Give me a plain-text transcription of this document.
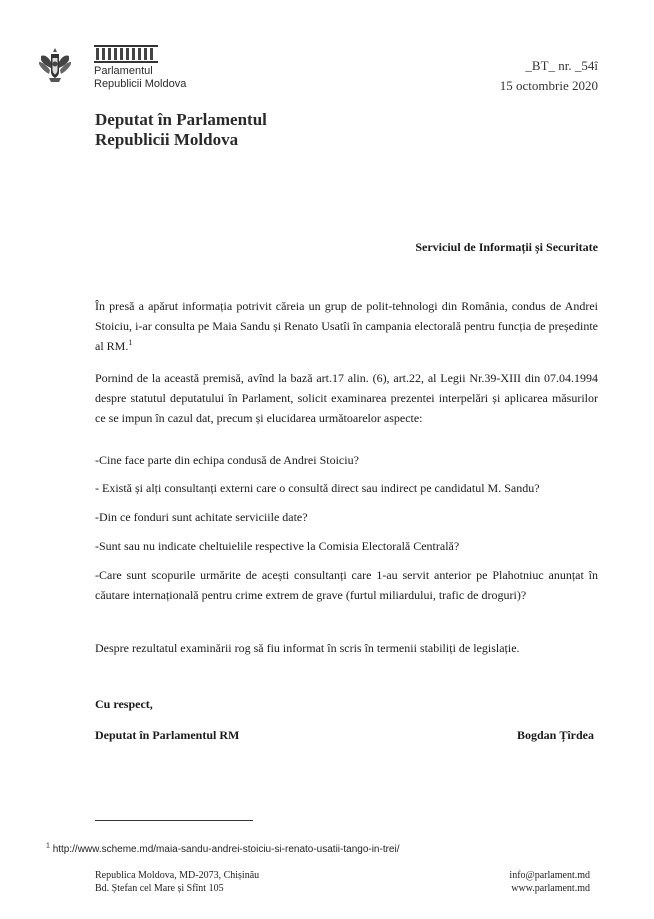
Parlamentul
Republicii Moldova
_BT_ nr. _54î
15 octombrie 2020
Deputat în Parlamentul
Republicii Moldova
Serviciul de Informații și Securitate
În presă a apărut informația potrivit căreia un grup de polit-tehnologi din România, condus de Andrei Stoiciu, i-ar consulta pe Maia Sandu și Renato Usatîi în campania electorală pentru funcția de președinte al RM.$^1$
Pornind de la această premisă, avînd la bază art.17 alin. (6), art.22, al Legii Nr.39-XIII din 07.04.1994 despre statutul deputatului în Parlament, solicit examinarea prezentei interpelări și aplicarea măsurilor ce se impun în cazul dat, precum și elucidarea următoarelor aspecte:
-Cine face parte din echipa condusă de Andrei Stoiciu?
- Există și alți consultanți externi care o consultă direct sau indirect pe candidatul M. Sandu?
-Din ce fonduri sunt achitate serviciile date?
-Sunt sau nu indicate cheltuielile respective la Comisia Electorală Centrală?
-Care sunt scopurile urmărite de acești consultanți care 1-au servit anterior pe Plahotniuc anunțat în căutare internațională pentru crime extrem de grave (furtul miliardului, trafic de droguri)?
Despre rezultatul examinării rog să fiu informat în scris în termenii stabiliți de legislație.
Cu respect,
Deputat în Parlamentul RM	Bogdan Țîrdea
$^1$ http://www.scheme.md/maia-sandu-andrei-stoiciu-si-renato-usatii-tango-in-trei/
Republica Moldova, MD-2073, Chișinău
Bd. Ștefan cel Mare și Sfînt 105
info@parlament.md
www.parlament.md
